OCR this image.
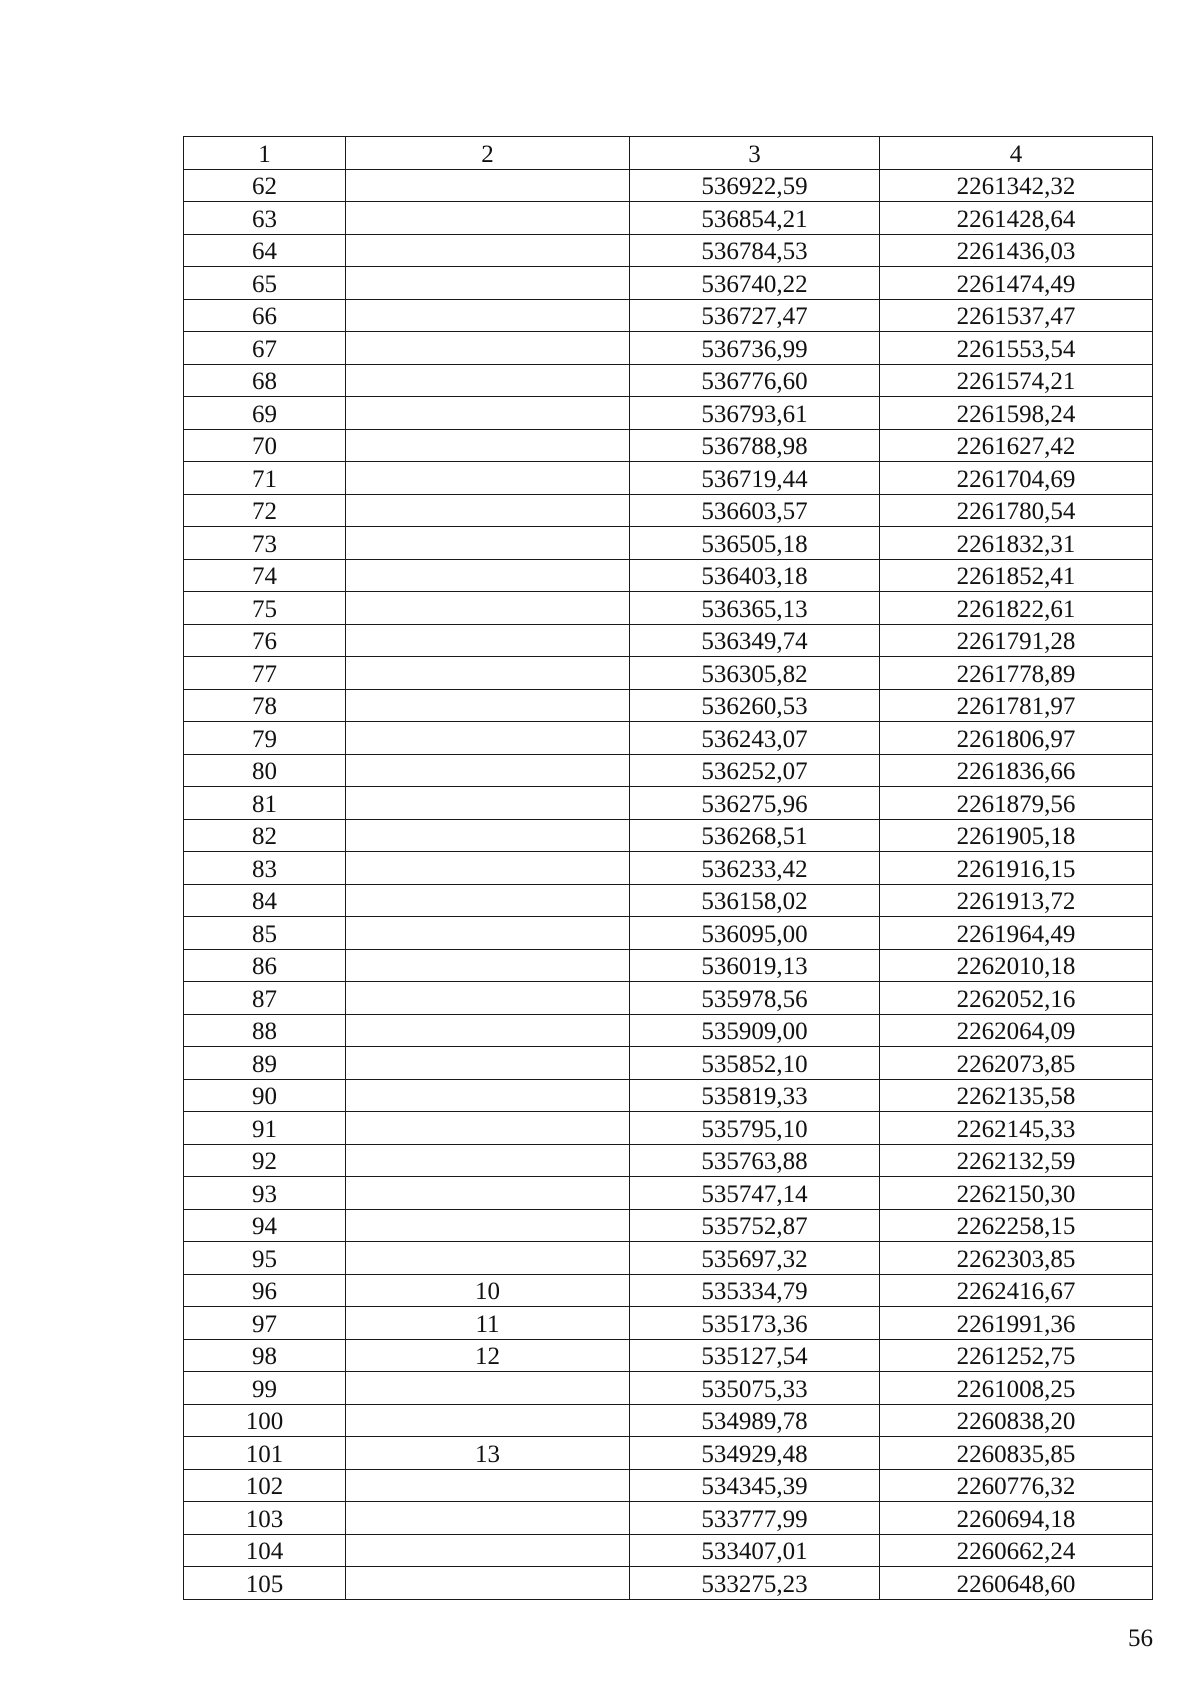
1	2	3	4
62		536922,59	2261342,32
63		536854,21	2261428,64
64		536784,53	2261436,03
65		536740,22	2261474,49
66		536727,47	2261537,47
67		536736,99	2261553,54
68		536776,60	2261574,21
69		536793,61	2261598,24
70		536788,98	2261627,42
71		536719,44	2261704,69
72		536603,57	2261780,54
73		536505,18	2261832,31
74		536403,18	2261852,41
75		536365,13	2261822,61
76		536349,74	2261791,28
77		536305,82	2261778,89
78		536260,53	2261781,97
79		536243,07	2261806,97
80		536252,07	2261836,66
81		536275,96	2261879,56
82		536268,51	2261905,18
83		536233,42	2261916,15
84		536158,02	2261913,72
85		536095,00	2261964,49
86		536019,13	2262010,18
87		535978,56	2262052,16
88		535909,00	2262064,09
89		535852,10	2262073,85
90		535819,33	2262135,58
91		535795,10	2262145,33
92		535763,88	2262132,59
93		535747,14	2262150,30
94		535752,87	2262258,15
95		535697,32	2262303,85
96	10	535334,79	2262416,67
97	11	535173,36	2261991,36
98	12	535127,54	2261252,75
99		535075,33	2261008,25
100		534989,78	2260838,20
101	13	534929,48	2260835,85
102		534345,39	2260776,32
103		533777,99	2260694,18
104		533407,01	2260662,24
105		533275,23	2260648,60
56
